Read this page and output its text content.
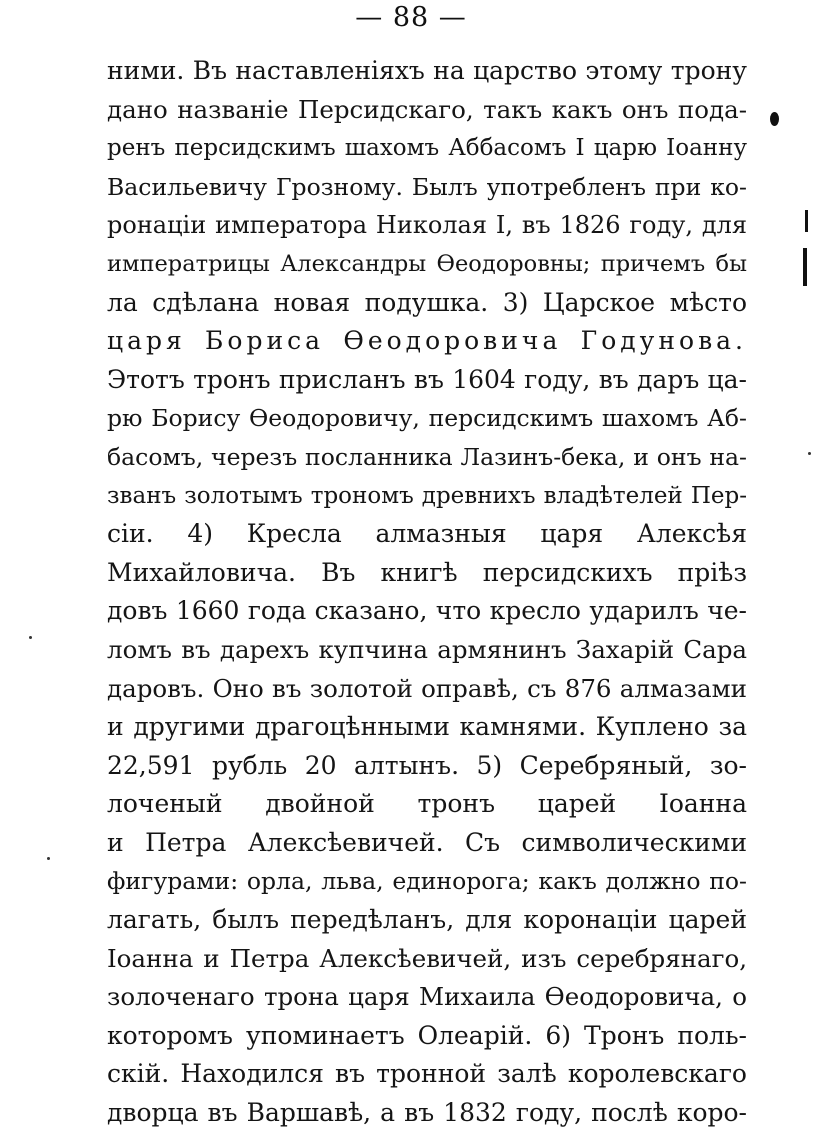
— 88 —
ними. Въ наставленіяхъ на царство этому трону
дано названіе Персидскаго, такъ какъ онъ пода-
ренъ персидскимъ шахомъ Аббасомъ I царю Іоанну
Васильевичу Грозному. Былъ употребленъ при ко-
ронаціи императора Николая I, въ 1826 году, для
императрицы Александры Ѳеодоровны; причемъ бы
ла сдѣлана новая подушка. 3) Царское мѣсто
царя Бориса Ѳеодоровича Годунова.
Этотъ тронъ присланъ въ 1604 году, въ даръ ца-
рю Борису Ѳеодоровичу, персидскимъ шахомъ Аб-
басомъ, черезъ посланника Лазинъ-бека, и онъ на-
званъ золотымъ трономъ древнихъ владѣтелей Пер-
сіи. 4) Кресла алмазныя царя Алексѣя
Михайловича. Въ книгѣ персидскихъ пріѣз
довъ 1660 года сказано, что кресло ударилъ че-
ломъ въ дарехъ купчина армянинъ Захарій Сара
даровъ. Оно въ золотой оправѣ, съ 876 алмазами
и другими драгоцѣнными камнями. Куплено за
22,591 рубль 20 алтынъ. 5) Серебряный, зо-
лоченый двойной тронъ царей Іоанна
и Петра Алексѣевичей. Съ символическими
фигурами: орла, льва, единорога; какъ должно по-
лагать, былъ передѣланъ, для коронаціи царей
Іоанна и Петра Алексѣевичей, изъ серебрянаго,
золоченаго трона царя Михаила Ѳеодоровича, о
которомъ упоминаетъ Олеарій. 6) Тронъ поль-
скій. Находился въ тронной залѣ королевскаго
дворца въ Варшавѣ, а въ 1832 году, послѣ коро-
